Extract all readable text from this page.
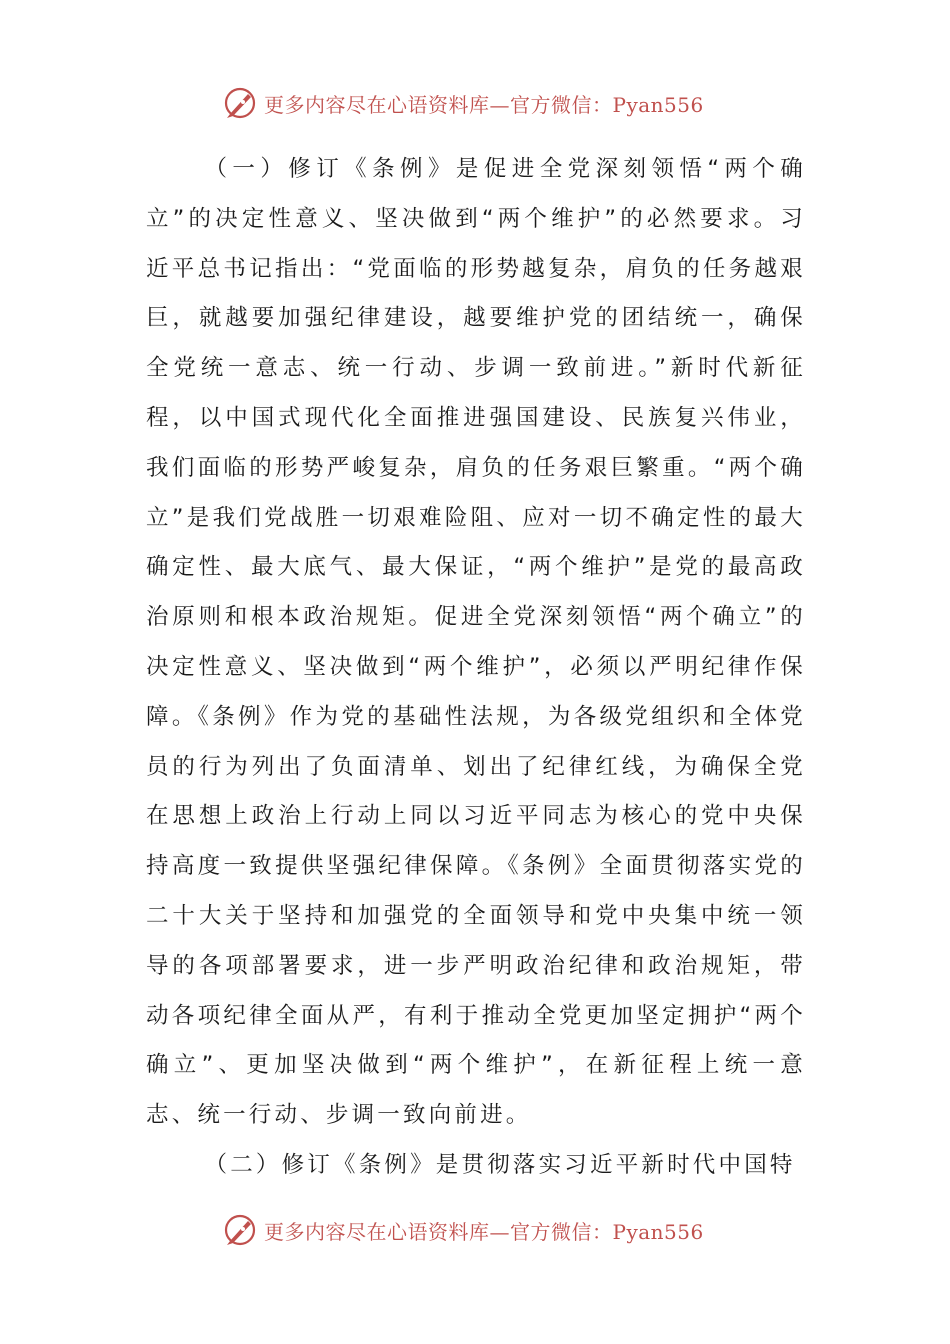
更多内容尽在心语资料库—官方微信：Pyan556

（一）修订《条例》是促进全党深刻领悟“两个确立”的决定性意义、坚决做到“两个维护”的必然要求。习近平总书记指出：“党面临的形势越复杂，肩负的任务越艰巨，就越要加强纪律建设，越要维护党的团结统一，确保全党统一意志、统一行动、步调一致前进。”新时代新征程，以中国式现代化全面推进强国建设、民族复兴伟业，我们面临的形势严峻复杂，肩负的任务艰巨繁重。“两个确立”是我们党战胜一切艰难险阻、应对一切不确定性的最大确定性、最大底气、最大保证，“两个维护”是党的最高政治原则和根本政治规矩。促进全党深刻领悟“两个确立”的决定性意义、坚决做到“两个维护”，必须以严明纪律作保障。《条例》作为党的基础性法规，为各级党组织和全体党员的行为列出了负面清单、划出了纪律红线，为确保全党在思想上政治上行动上同以习近平同志为核心的党中央保持高度一致提供坚强纪律保障。《条例》全面贯彻落实党的二十大关于坚持和加强党的全面领导和党中央集中统一领导的各项部署要求，进一步严明政治纪律和政治规矩，带动各项纪律全面从严，有利于推动全党更加坚定拥护“两个确立”、更加坚决做到“两个维护”，在新征程上统一意志、统一行动、步调一致向前进。

（二）修订《条例》是贯彻落实习近平新时代中国特

更多内容尽在心语资料库—官方微信：Pyan556
